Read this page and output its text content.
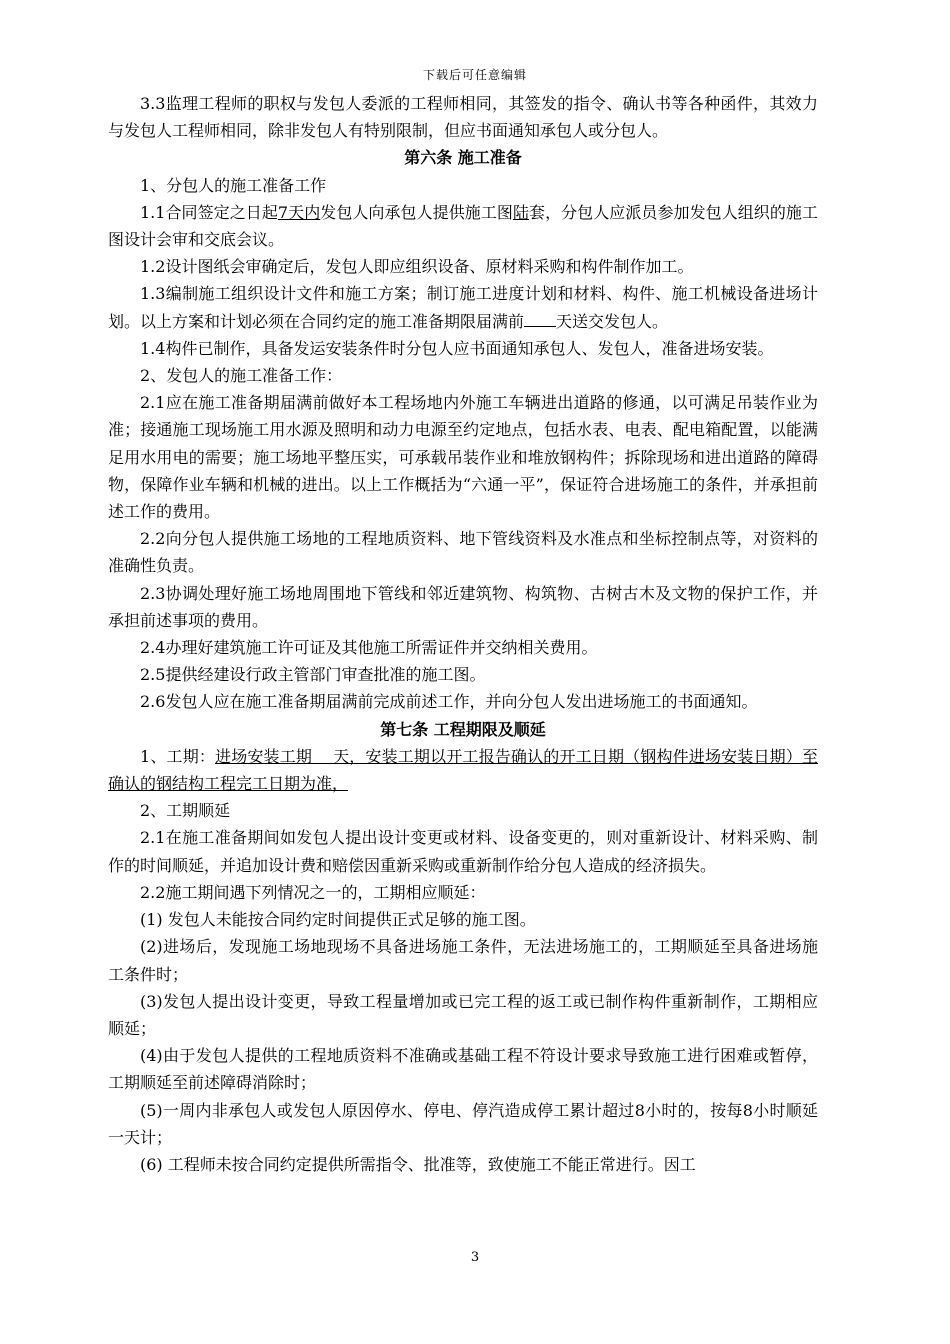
下载后可任意编辑

3.3监理工程师的职权与发包人委派的工程师相同，其签发的指令、确认书等各种函件，其效力与发包人工程师相同，除非发包人有特别限制，但应书面通知承包人或分包人。

第六条 施工准备

1、分包人的施工准备工作

1.1合同签定之日起7天内发包人向承包人提供施工图陆套，分包人应派员参加发包人组织的施工图设计会审和交底会议。

1.2设计图纸会审确定后，发包人即应组织设备、原材料采购和构件制作加工。

1.3编制施工组织设计文件和施工方案；制订施工进度计划和材料、构件、施工机械设备进场计划。以上方案和计划必须在合同约定的施工准备期限届满前 天送交发包人。

1.4构件已制作，具备发运安装条件时分包人应书面通知承包人、发包人，准备进场安装。

2、发包人的施工准备工作：

2.1应在施工准备期届满前做好本工程场地内外施工车辆进出道路的修通，以可满足吊装作业为准；接通施工现场施工用水源及照明和动力电源至约定地点，包括水表、电表、配电箱配置，以能满足用水用电的需要；施工场地平整压实，可承载吊装作业和堆放钢构件；拆除现场和进出道路的障碍物，保障作业车辆和机械的进出。以上工作概括为“六通一平”，保证符合进场施工的条件，并承担前述工作的费用。

2.2向分包人提供施工场地的工程地质资料、地下管线资料及水准点和坐标控制点等，对资料的准确性负责。

2.3协调处理好施工场地周围地下管线和邻近建筑物、构筑物、古树古木及文物的保护工作，并承担前述事项的费用。

2.4办理好建筑施工许可证及其他施工所需证件并交纳相关费用。

2.5提供经建设行政主管部门审查批准的施工图。

2.6发包人应在施工准备期届满前完成前述工作，并向分包人发出进场施工的书面通知。

第七条 工程期限及顺延

1、工期：进场安装工期    天，安装工期以开工报告确认的开工日期（钢构件进场安装日期）至确认的钢结构工程完工日期为准，

2、工期顺延

2.1在施工准备期间如发包人提出设计变更或材料、设备变更的，则对重新设计、材料采购、制作的时间顺延，并追加设计费和赔偿因重新采购或重新制作给分包人造成的经济损失。

2.2施工期间遇下列情况之一的，工期相应顺延：

(1) 发包人未能按合同约定时间提供正式足够的施工图。

(2)进场后，发现施工场地现场不具备进场施工条件，无法进场施工的，工期顺延至具备进场施工条件时；

(3)发包人提出设计变更，导致工程量增加或已完工程的返工或已制作构件重新制作，工期相应顺延；

(4)由于发包人提供的工程地质资料不准确或基础工程不符设计要求导致施工进行困难或暂停，工期顺延至前述障碍消除时；

(5)一周内非承包人或发包人原因停水、停电、停汽造成停工累计超过8小时的，按每8小时顺延一天计；

(6) 工程师未按合同约定提供所需指令、批准等，致使施工不能正常进行。因工

3
